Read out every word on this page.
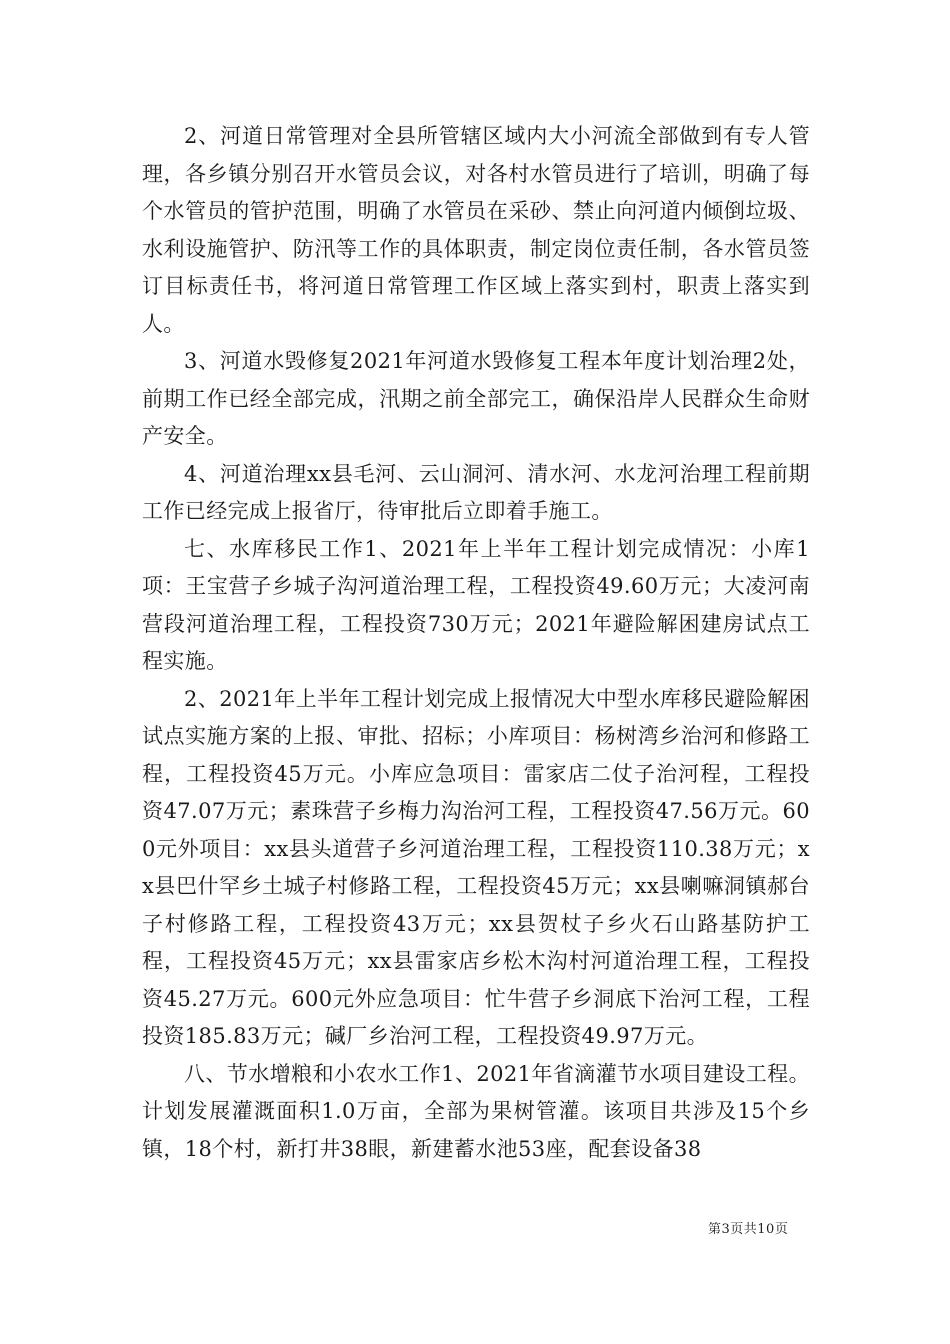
2、河道日常管理对全县所管辖区域内大小河流全部做到有专人管理，各乡镇分别召开水管员会议，对各村水管员进行了培训，明确了每个水管员的管护范围，明确了水管员在采砂、禁止向河道内倾倒垃圾、水利设施管护、防汛等工作的具体职责，制定岗位责任制，各水管员签订目标责任书，将河道日常管理工作区域上落实到村，职责上落实到人。

3、河道水毁修复2021年河道水毁修复工程本年度计划治理2处，前期工作已经全部完成，汛期之前全部完工，确保沿岸人民群众生命财产安全。

4、河道治理xx县毛河、云山洞河、清水河、水龙河治理工程前期工作已经完成上报省厅，待审批后立即着手施工。

七、水库移民工作1、2021年上半年工程计划完成情况：小库1项：王宝营子乡城子沟河道治理工程，工程投资49.60万元；大凌河南营段河道治理工程，工程投资730万元；2021年避险解困建房试点工程实施。

2、2021年上半年工程计划完成上报情况大中型水库移民避险解困试点实施方案的上报、审批、招标；小库项目：杨树湾乡治河和修路工程，工程投资45万元。小库应急项目：雷家店二仗子治河程，工程投资47.07万元；素珠营子乡梅力沟治河工程，工程投资47.56万元。600元外项目：xx县头道营子乡河道治理工程，工程投资110.38万元；xx县巴什罕乡土城子村修路工程，工程投资45万元；xx县喇嘛洞镇郝台子村修路工程，工程投资43万元；xx县贺杖子乡火石山路基防护工程，工程投资45万元；xx县雷家店乡松木沟村河道治理工程，工程投资45.27万元。600元外应急项目：忙牛营子乡洞底下治河工程，工程投资185.83万元；碱厂乡治河工程，工程投资49.97万元。

八、节水增粮和小农水工作1、2021年省滴灌节水项目建设工程。计划发展灌溉面积1.0万亩，全部为果树管灌。该项目共涉及15个乡镇，18个村，新打井38眼，新建蓄水池53座，配套设备38

第3页共10页
